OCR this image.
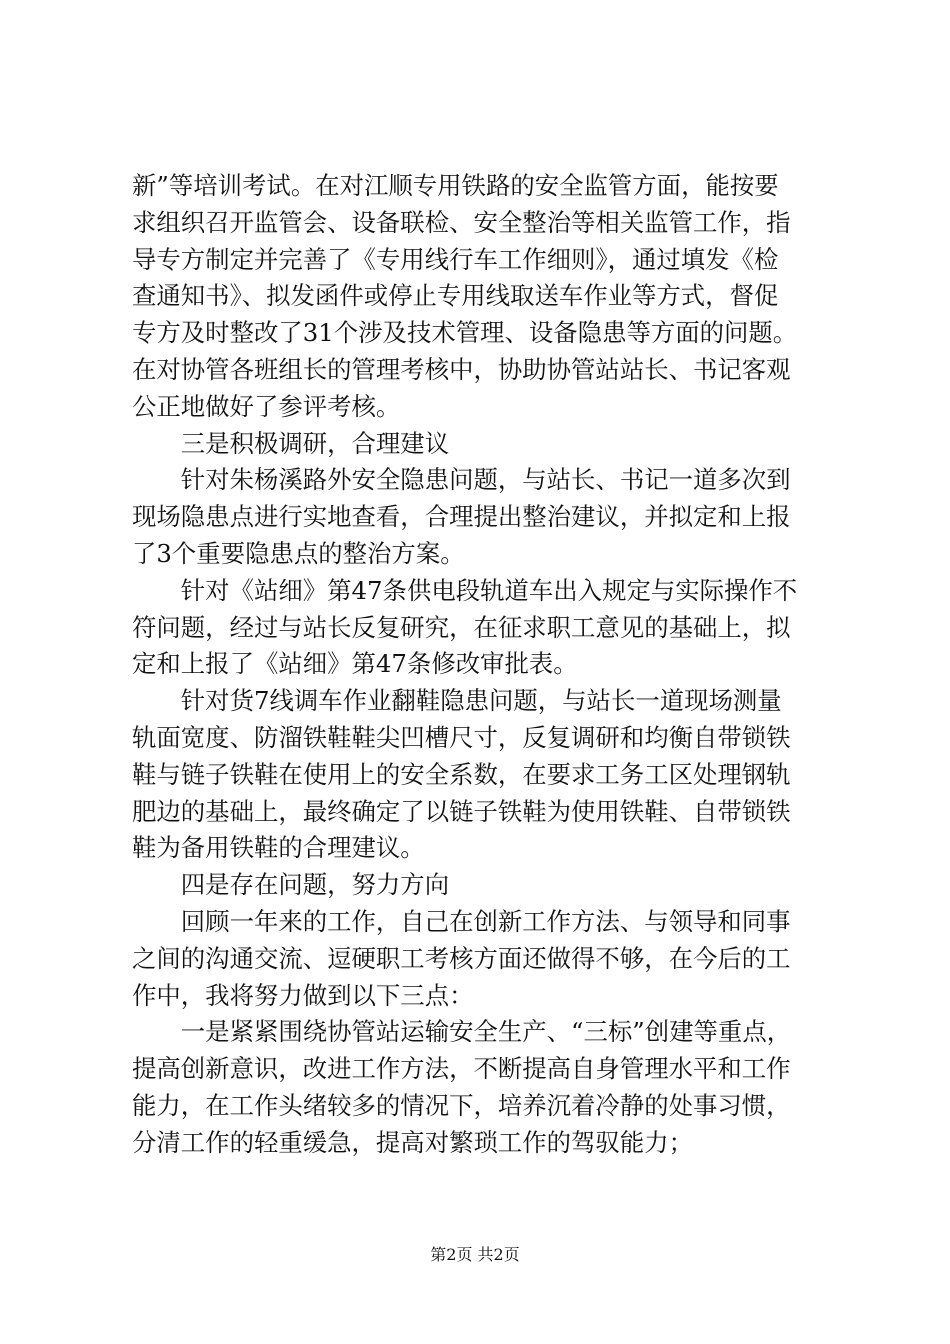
新”等培训考试。在对江顺专用铁路的安全监管方面，能按要
求组织召开监管会、设备联检、安全整治等相关监管工作，指
导专方制定并完善了《专用线行车工作细则》，通过填发《检
查通知书》、拟发函件或停止专用线取送车作业等方式，督促
专方及时整改了31个涉及技术管理、设备隐患等方面的问题。
在对协管各班组长的管理考核中，协助协管站站长、书记客观
公正地做好了参评考核。
　　三是积极调研，合理建议
　　针对朱杨溪路外安全隐患问题，与站长、书记一道多次到
现场隐患点进行实地查看，合理提出整治建议，并拟定和上报
了3个重要隐患点的整治方案。
　　针对《站细》第47条供电段轨道车出入规定与实际操作不
符问题，经过与站长反复研究，在征求职工意见的基础上，拟
定和上报了《站细》第47条修改审批表。
　　针对货7线调车作业翻鞋隐患问题，与站长一道现场测量
轨面宽度、防溜铁鞋鞋尖凹槽尺寸，反复调研和均衡自带锁铁
鞋与链子铁鞋在使用上的安全系数，在要求工务工区处理钢轨
肥边的基础上，最终确定了以链子铁鞋为使用铁鞋、自带锁铁
鞋为备用铁鞋的合理建议。
　　四是存在问题，努力方向
　　回顾一年来的工作，自己在创新工作方法、与领导和同事
之间的沟通交流、逗硬职工考核方面还做得不够，在今后的工
作中，我将努力做到以下三点：
　　一是紧紧围绕协管站运输安全生产、“三标”创建等重点，
提高创新意识，改进工作方法，不断提高自身管理水平和工作
能力，在工作头绪较多的情况下，培养沉着冷静的处事习惯，
分清工作的轻重缓急，提高对繁琐工作的驾驭能力；
第2页 共2页
